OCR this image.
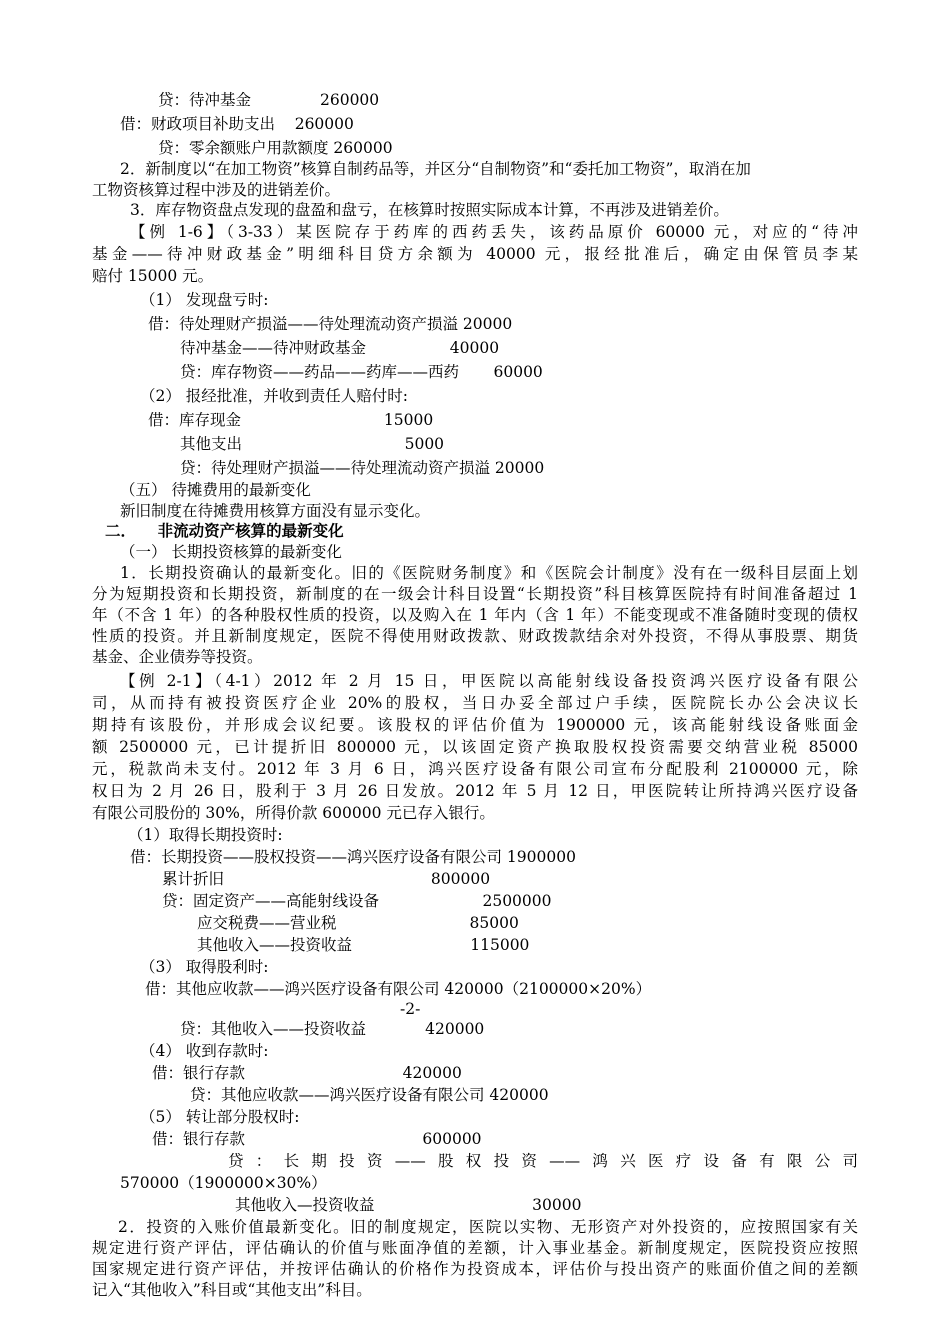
贷：待冲基金              260000
借：财政项目补助支出    260000
贷：零余额账户用款额度 260000
2．新制度以“在加工物资”核算自制药品等，并区分“自制物资”和“委托加工物资”，取消在加
工物资核算过程中涉及的进销差价。
3．库存物资盘点发现的盘盈和盘亏，在核算时按照实际成本计算，不再涉及进销差价。
【例 1-6】（3-33）某医院存于药库的西药丢失，该药品原价 60000 元，对应的“待冲
基金——待冲财政基金”明细科目贷方余额为 40000 元，报经批准后，确定由保管员李某
赔付 15000 元。
（1） 发现盘亏时:
借：待处理财产损溢——待处理流动资产损溢 20000
待冲基金——待冲财政基金                 40000
贷：库存物资——药品——药库——西药       60000
（2） 报经批准，并收到责任人赔付时:
借：库存现金                             15000
其他支出                                 5000
贷：待处理财产损溢——待处理流动资产损溢 20000
（五） 待摊费用的最新变化
新旧制度在待摊费用核算方面没有显示变化。
二．    非流动资产核算的最新变化
（一） 长期投资核算的最新变化
1．长期投资确认的最新变化。旧的《医院财务制度》和《医院会计制度》没有在一级科目层面上划
分为短期投资和长期投资，新制度的在一级会计科目设置“长期投资”科目核算医院持有时间准备超过 1
年（不含 1 年）的各种股权性质的投资，以及购入在 1 年内（含 1 年）不能变现或不准备随时变现的债权
性质的投资。并且新制度规定，医院不得使用财政拨款、财政拨款结余对外投资，不得从事股票、期货
基金、企业债券等投资。
【例 2-1】（4-1）2012 年 2 月 15 日，甲医院以高能射线设备投资鸿兴医疗设备有限公
司，从而持有被投资医疗企业 20%的股权，当日办妥全部过户手续，医院院长办公会决议长
期持有该股份，并形成会议纪要。该股权的评估价值为 1900000 元，该高能射线设备账面金
额 2500000 元，已计提折旧 800000 元，以该固定资产换取股权投资需要交纳营业税 85000
元，税款尚未支付。2012 年 3 月 6 日，鸿兴医疗设备有限公司宣布分配股利 2100000 元，除
权日为 2 月 26 日，股利于 3 月 26 日发放。2012 年 5 月 12 日，甲医院转让所持鸿兴医疗设备
有限公司股份的 30%，所得价款 600000 元已存入银行。
（1）取得长期投资时:
借：长期投资——股权投资——鸿兴医疗设备有限公司 1900000
累计折旧                                          800000
贷：固定资产——高能射线设备                     2500000
应交税费——营业税                           85000
其他收入——投资收益                        115000
（3） 取得股利时:
借：其他应收款——鸿兴医疗设备有限公司 420000（2100000×20%）
-2-
贷：其他收入——投资收益            420000
（4） 收到存款时:
借：银行存款                                420000
贷：其他应收款——鸿兴医疗设备有限公司 420000
（5） 转让部分股权时:
借：银行存款                                    600000
贷：长期投资——股权投资——鸿兴医疗设备有限公司
570000（1900000×30%）
其他收入—投资收益                                30000
2．投资的入账价值最新变化。旧的制度规定，医院以实物、无形资产对外投资的，应按照国家有关
规定进行资产评估，评估确认的价值与账面净值的差额，计入事业基金。新制度规定，医院投资应按照
国家规定进行资产评估，并按评估确认的价格作为投资成本，评估价与投出资产的账面价值之间的差额
记入“其他收入”科目或“其他支出”科目。
